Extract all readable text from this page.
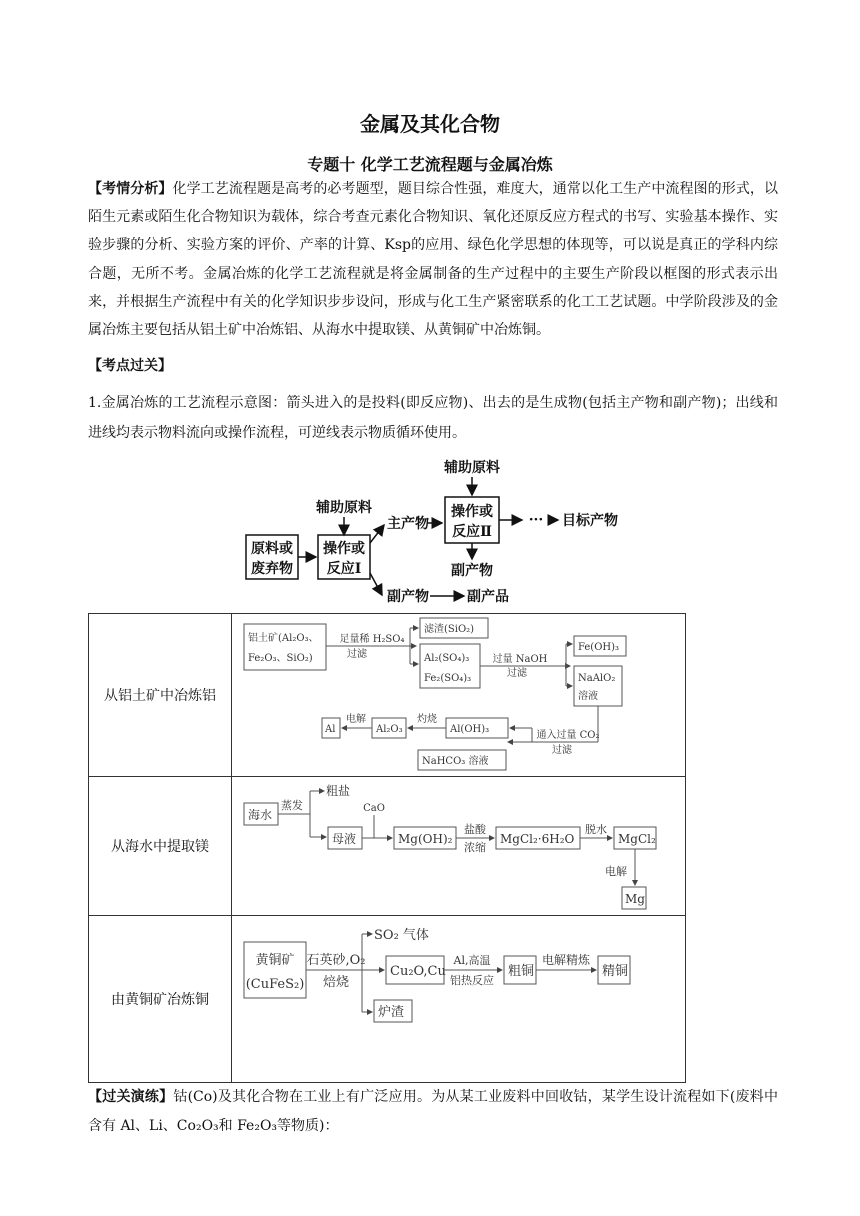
金属及其化合物
专题十 化学工艺流程题与金属冶炼
【考情分析】化学工艺流程题是高考的必考题型，题目综合性强，难度大，通常以化工生产中流程图的形式，以陌生元素或陌生化合物知识为载体，综合考查元素化合物知识、氧化还原反应方程式的书写、实验基本操作、实验步骤的分析、实验方案的评价、产率的计算、Ksp的应用、绿色化学思想的体现等，可以说是真正的学科内综合题，无所不考。金属冶炼的化学工艺流程就是将金属制备的生产过程中的主要生产阶段以框图的形式表示出来，并根据生产流程中有关的化学知识步步设问，形成与化工生产紧密联系的化工工艺试题。中学阶段涉及的金属冶炼主要包括从铝土矿中冶炼铝、从海水中提取镁、从黄铜矿中冶炼铜。
【考点过关】
1.金属冶炼的工艺流程示意图：箭头进入的是投料(即反应物)、出去的是生成物(包括主产物和副产物)；出线和进线均表示物料流向或操作流程，可逆线表示物质循环使用。
原料或
废弃物
辅助原料
操作或
反应Ⅰ
主产物
副产物	副产品
辅助原料
操作或
反应Ⅱ
副产物
··· 目标产物
从铝土矿中冶炼铝
铝土矿(Al₂O₃、
Fe₂O₃、SiO₂)
足量稀 H₂SO₄
过滤
滤渣(SiO₂)
Al₂(SO₄)₃
Fe₂(SO₄)₃
过量 NaOH
过滤
Fe(OH)₃
NaAlO₂
溶液
通入过量 CO₂
过滤
Al(OH)₃
NaHCO₃ 溶液
灼烧
Al₂O₃
电解
Al
从海水中提取镁
海水
蒸发
粗盐
母液
CaO
Mg(OH)₂
盐酸
浓缩
MgCl₂·6H₂O
脱水
MgCl₂
电解
Mg
由黄铜矿冶炼铜
黄铜矿
(CuFeS₂)
石英砂,O₂
焙烧
SO₂ 气体
炉渣
Cu₂O,Cu
Al,高温
铝热反应
粗铜
电解精炼
精铜
【过关演练】钴(Co)及其化合物在工业上有广泛应用。为从某工业废料中回收钴，某学生设计流程如下(废料中含有 Al、Li、Co₂O₃和 Fe₂O₃等物质)：
